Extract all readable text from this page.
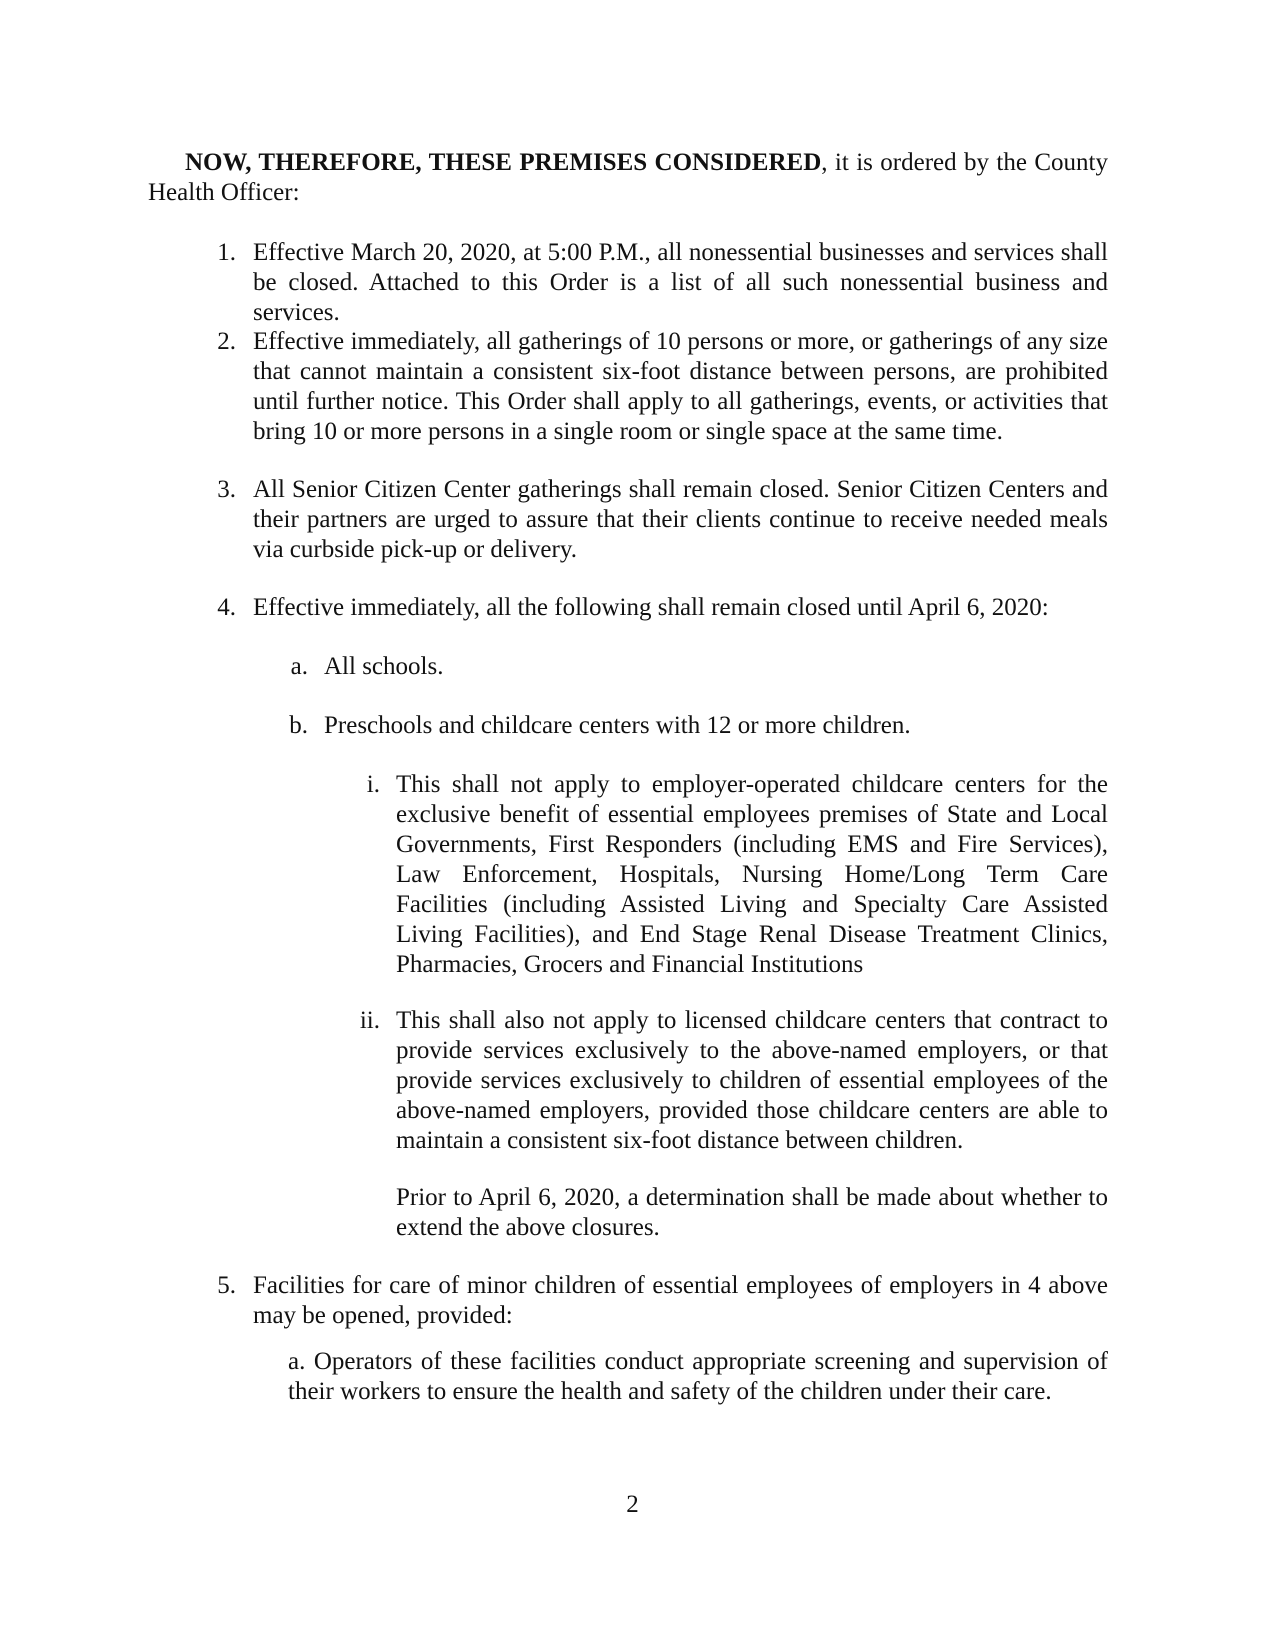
NOW, THEREFORE, THESE PREMISES CONSIDERED, it is ordered by the County Health Officer:

1. Effective March 20, 2020, at 5:00 P.M., all nonessential businesses and services shall be closed. Attached to this Order is a list of all such nonessential business and services.

2. Effective immediately, all gatherings of 10 persons or more, or gatherings of any size that cannot maintain a consistent six-foot distance between persons, are prohibited until further notice. This Order shall apply to all gatherings, events, or activities that bring 10 or more persons in a single room or single space at the same time.

3. All Senior Citizen Center gatherings shall remain closed. Senior Citizen Centers and their partners are urged to assure that their clients continue to receive needed meals via curbside pick-up or delivery.

4. Effective immediately, all the following shall remain closed until April 6, 2020:

a. All schools.

b. Preschools and childcare centers with 12 or more children.

i. This shall not apply to employer-operated childcare centers for the exclusive benefit of essential employees premises of State and Local Governments, First Responders (including EMS and Fire Services), Law Enforcement, Hospitals, Nursing Home/Long Term Care Facilities (including Assisted Living and Specialty Care Assisted Living Facilities), and End Stage Renal Disease Treatment Clinics, Pharmacies, Grocers and Financial Institutions

ii. This shall also not apply to licensed childcare centers that contract to provide services exclusively to the above-named employers, or that provide services exclusively to children of essential employees of the above-named employers, provided those childcare centers are able to maintain a consistent six-foot distance between children.

Prior to April 6, 2020, a determination shall be made about whether to extend the above closures.

5. Facilities for care of minor children of essential employees of employers in 4 above may be opened, provided:

a. Operators of these facilities conduct appropriate screening and supervision of their workers to ensure the health and safety of the children under their care.

2
